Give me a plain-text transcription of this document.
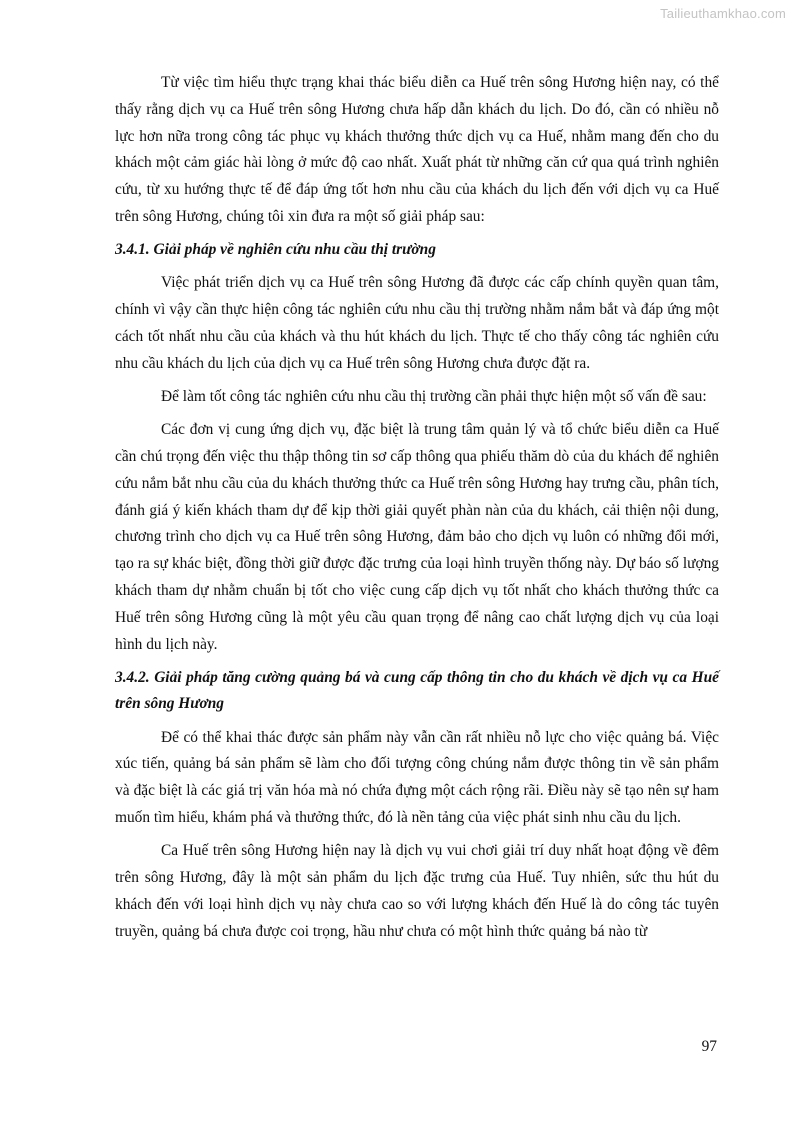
Tailieuthamkhao.com

Từ việc tìm hiểu thực trạng khai thác biểu diễn ca Huế trên sông Hương hiện nay, có thể thấy rằng dịch vụ ca Huế trên sông Hương chưa hấp dẫn khách du lịch. Do đó, cần có nhiều nỗ lực hơn nữa trong công tác phục vụ khách thưởng thức dịch vụ ca Huế, nhằm mang đến cho du khách một cảm giác hài lòng ở mức độ cao nhất. Xuất phát từ những căn cứ qua quá trình nghiên cứu, từ xu hướng thực tế để đáp ứng tốt hơn nhu cầu của khách du lịch đến với dịch vụ ca Huế trên sông Hương, chúng tôi xin đưa ra một số giải pháp sau:

3.4.1. Giải pháp về nghiên cứu nhu cầu thị trường

Việc phát triển dịch vụ ca Huế trên sông Hương đã được các cấp chính quyền quan tâm, chính vì vậy cần thực hiện công tác nghiên cứu nhu cầu thị trường nhằm nắm bắt và đáp ứng một cách tốt nhất nhu cầu của khách và thu hút khách du lịch. Thực tế cho thấy công tác nghiên cứu nhu cầu khách du lịch của dịch vụ ca Huế trên sông Hương chưa được đặt ra.

Để làm tốt công tác nghiên cứu nhu cầu thị trường cần phải thực hiện một số vấn đề sau:

Các đơn vị cung ứng dịch vụ, đặc biệt là trung tâm quản lý và tổ chức biểu diễn ca Huế cần chú trọng đến việc thu thập thông tin sơ cấp thông qua phiếu thăm dò của du khách để nghiên cứu nắm bắt nhu cầu của du khách thưởng thức ca Huế trên sông Hương hay trưng cầu, phân tích, đánh giá ý kiến khách tham dự để kịp thời giải quyết phàn nàn của du khách, cải thiện nội dung, chương trình cho dịch vụ ca Huế trên sông Hương, đảm bảo cho dịch vụ luôn có những đổi mới, tạo ra sự khác biệt, đồng thời giữ được đặc trưng của loại hình truyền thống này. Dự báo số lượng khách tham dự nhằm chuẩn bị tốt cho việc cung cấp dịch vụ tốt nhất cho khách thưởng thức ca Huế trên sông Hương cũng là một yêu cầu quan trọng để nâng cao chất lượng dịch vụ của loại hình du lịch này.

3.4.2. Giải pháp tăng cường quảng bá và cung cấp thông tin cho du khách về dịch vụ ca Huế trên sông Hương

Để có thể khai thác được sản phẩm này vẫn cần rất nhiều nỗ lực cho việc quảng bá. Việc xúc tiến, quảng bá sản phẩm sẽ làm cho đối tượng công chúng nắm được thông tin về sản phẩm và đặc biệt là các giá trị văn hóa mà nó chứa đựng một cách rộng rãi. Điều này sẽ tạo nên sự ham muốn tìm hiểu, khám phá và thưởng thức, đó là nền tảng của việc phát sinh nhu cầu du lịch.

Ca Huế trên sông Hương hiện nay là dịch vụ vui chơi giải trí duy nhất hoạt động về đêm trên sông Hương, đây là một sản phẩm du lịch đặc trưng của Huế. Tuy nhiên, sức thu hút du khách đến với loại hình dịch vụ này chưa cao so với lượng khách đến Huế là do công tác tuyên truyền, quảng bá chưa được coi trọng, hầu như chưa có một hình thức quảng bá nào từ

97
